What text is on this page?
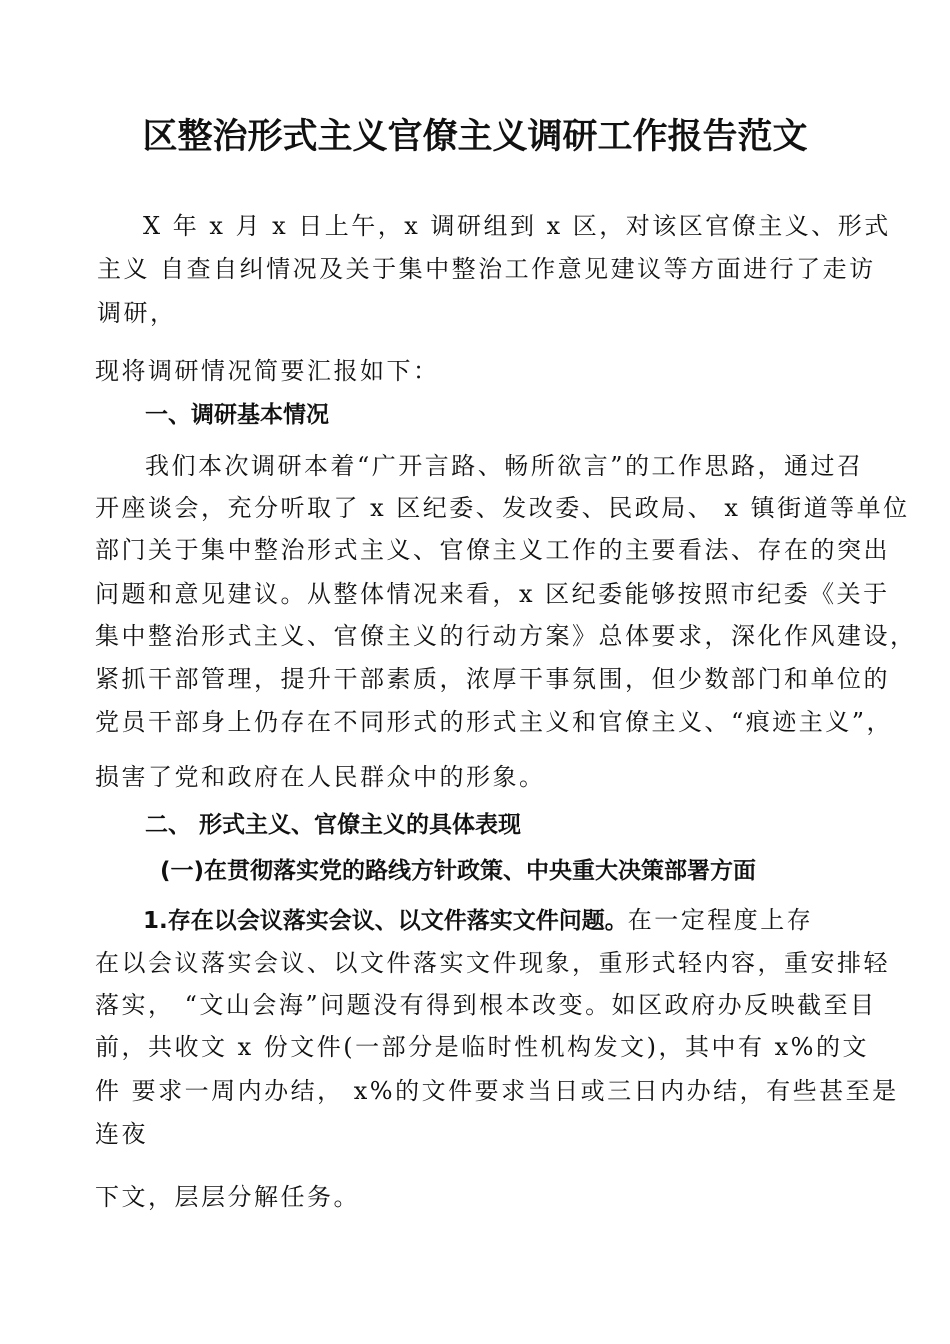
区整治形式主义官僚主义调研工作报告范文
X 年 x 月 x 日上午，x 调研组到 x 区，对该区官僚主义、形式
主义 自查自纠情况及关于集中整治工作意见建议等方面进行了走访
调研，
现将调研情况简要汇报如下：
一、调研基本情况
我们本次调研本着“广开言路、畅所欲言”的工作思路，通过召
开座谈会，充分听取了 x 区纪委、发改委、民政局、 x 镇街道等单位
部门关于集中整治形式主义、官僚主义工作的主要看法、存在的突出
问题和意见建议。从整体情况来看，x 区纪委能够按照市纪委《关于
集中整治形式主义、官僚主义的行动方案》总体要求，深化作风建设，
紧抓干部管理，提升干部素质，浓厚干事氛围，但少数部门和单位的
党员干部身上仍存在不同形式的形式主义和官僚主义、“痕迹主义”，
损害了党和政府在人民群众中的形象。
二、 形式主义、官僚主义的具体表现
(一)在贯彻落实党的路线方针政策、中央重大决策部署方面
1.存在以会议落实会议、以文件落实文件问题。在一定程度上存
在以会议落实会议、以文件落实文件现象，重形式轻内容，重安排轻
落实， “文山会海”问题没有得到根本改变。如区政府办反映截至目
前，共收文 x 份文件(一部分是临时性机构发文)，其中有 x%的文
件 要求一周内办结， x%的文件要求当日或三日内办结，有些甚至是
连夜
下文，层层分解任务。
